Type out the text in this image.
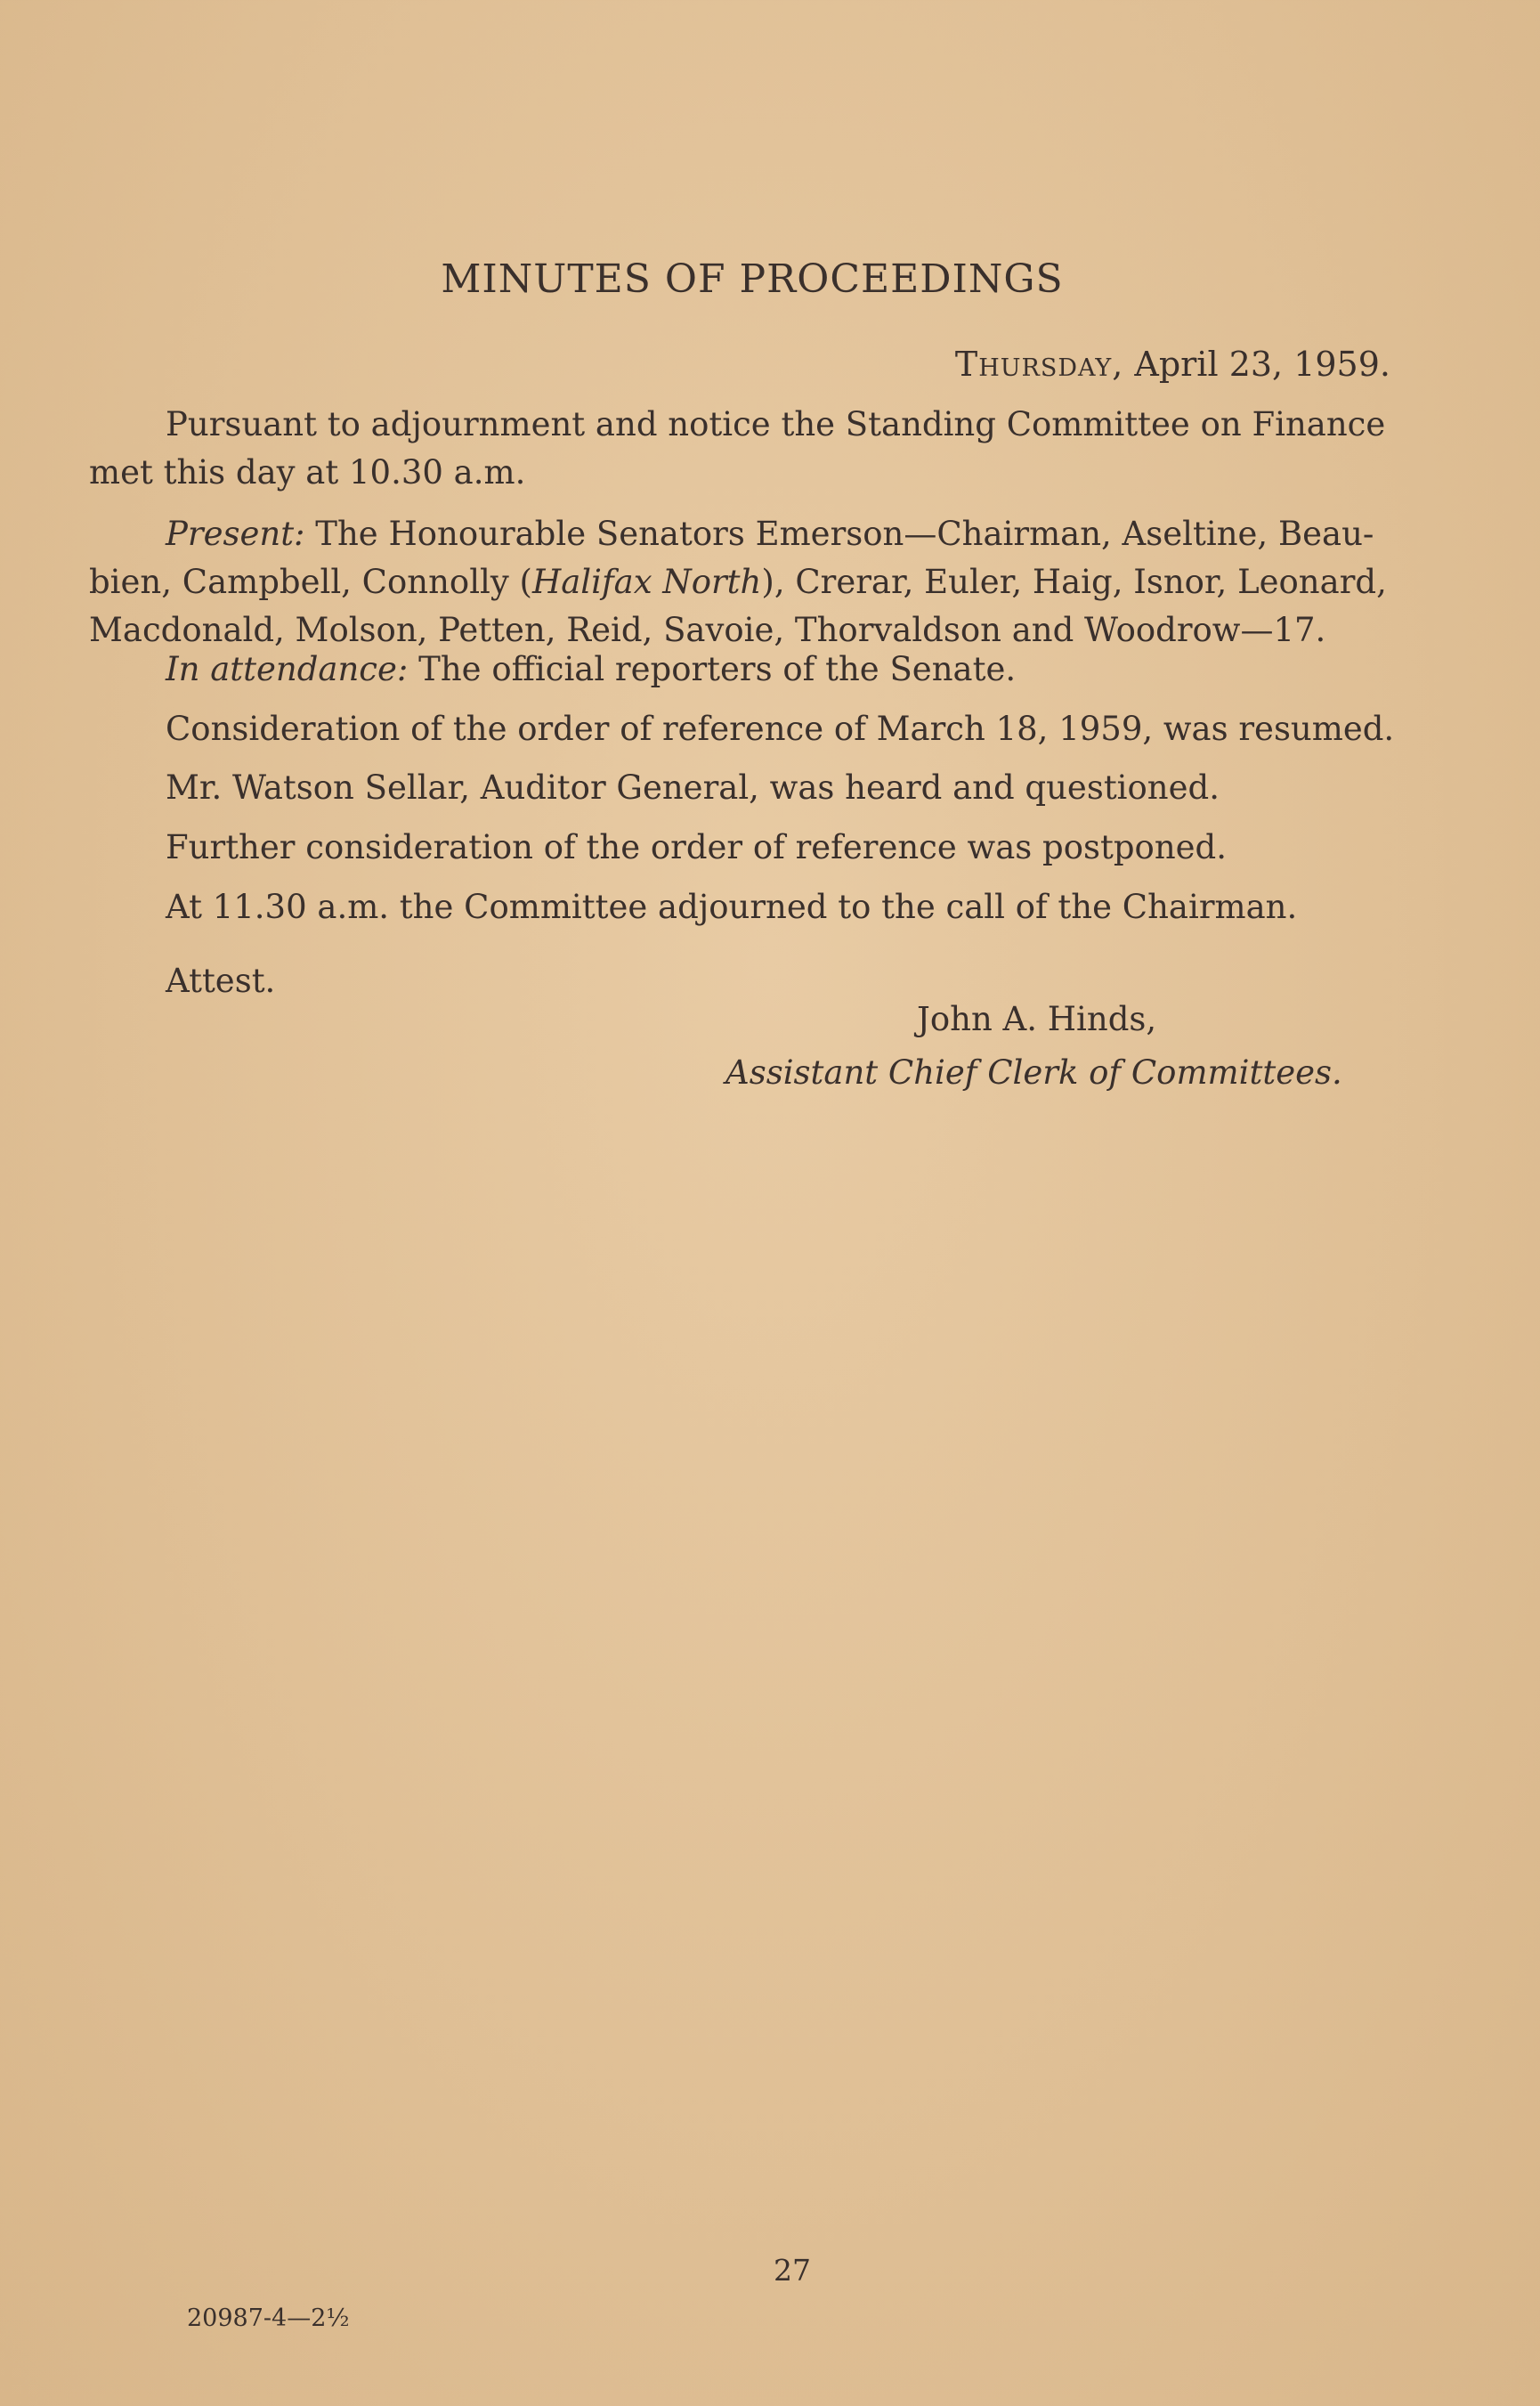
MINUTES OF PROCEEDINGS
Thursday, April 23, 1959.

Pursuant to adjournment and notice the Standing Committee on Finance met this day at 10.30 a.m.

Present: The Honourable Senators Emerson—Chairman, Aseltine, Beau-bien, Campbell, Connolly (Halifax North), Crerar, Euler, Haig, Isnor, Leonard, Macdonald, Molson, Petten, Reid, Savoie, Thorvaldson and Woodrow—17.

In attendance: The official reporters of the Senate.

Consideration of the order of reference of March 18, 1959, was resumed.

Mr. Watson Sellar, Auditor General, was heard and questioned.

Further consideration of the order of reference was postponed.

At 11.30 a.m. the Committee adjourned to the call of the Chairman.

Attest.

John A. Hinds,
Assistant Chief Clerk of Committees.
27
20987-4—2½
